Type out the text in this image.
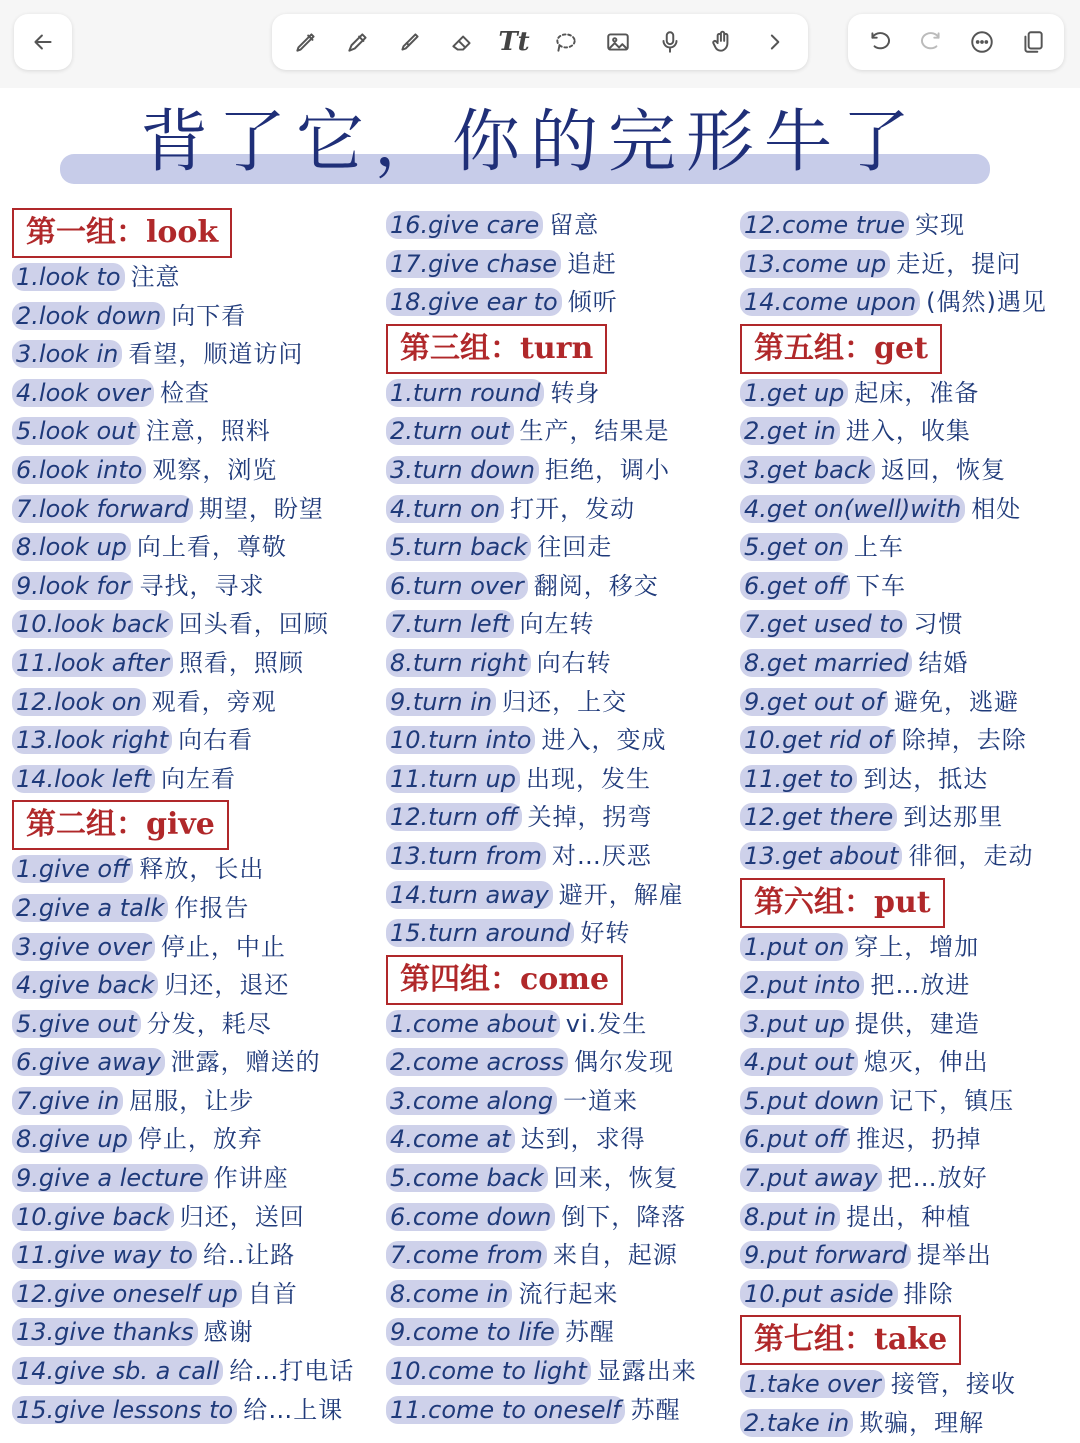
Tt
背了它，你的完形牛了
第一组：look
1.look to 注意
2.look down 向下看
3.look in 看望，顺道访问
4.look over 检查
5.look out 注意，照料
6.look into 观察，浏览
7.look forward 期望，盼望
8.look up 向上看，尊敬
9.look for 寻找，寻求
10.look back 回头看，回顾
11.look after 照看，照顾
12.look on 观看，旁观
13.look right 向右看
14.look left 向左看
第二组：give
1.give off 释放，长出
2.give a talk 作报告
3.give over 停止，中止
4.give back 归还，退还
5.give out 分发，耗尽
6.give away 泄露，赠送的
7.give in 屈服，让步
8.give up 停止，放弃
9.give a lecture 作讲座
10.give back 归还，送回
11.give way to 给..让路
12.give oneself up 自首
13.give thanks 感谢
14.give sb. a call 给…打电话
15.give lessons to 给…上课
16.give care 留意
17.give chase 追赶
18.give ear to 倾听
第三组：turn
1.turn round 转身
2.turn out 生产，结果是
3.turn down 拒绝，调小
4.turn on 打开，发动
5.turn back 往回走
6.turn over 翻阅，移交
7.turn left 向左转
8.turn right 向右转
9.turn in 归还，上交
10.turn into 进入，变成
11.turn up 出现，发生
12.turn off 关掉，拐弯
13.turn from 对…厌恶
14.turn away 避开，解雇
15.turn around 好转
第四组：come
1.come about vi.发生
2.come across 偶尔发现
3.come along 一道来
4.come at 达到，求得
5.come back 回来，恢复
6.come down 倒下，降落
7.come from 来自，起源
8.come in 流行起来
9.come to life 苏醒
10.come to light 显露出来
11.come to oneself 苏醒
12.come true 实现
13.come up 走近，提问
14.come upon (偶然)遇见
第五组：get
1.get up 起床，准备
2.get in 进入，收集
3.get back 返回，恢复
4.get on(well)with 相处
5.get on 上车
6.get off 下车
7.get used to 习惯
8.get married 结婚
9.get out of 避免，逃避
10.get rid of 除掉，去除
11.get to 到达，抵达
12.get there 到达那里
13.get about 徘徊，走动
第六组：put
1.put on 穿上，增加
2.put into 把…放进
3.put up 提供，建造
4.put out 熄灭，伸出
5.put down 记下，镇压
6.put off 推迟，扔掉
7.put away 把…放好
8.put in 提出，种植
9.put forward 提举出
10.put aside 排除
第七组：take
1.take over 接管，接收
2.take in 欺骗，理解
